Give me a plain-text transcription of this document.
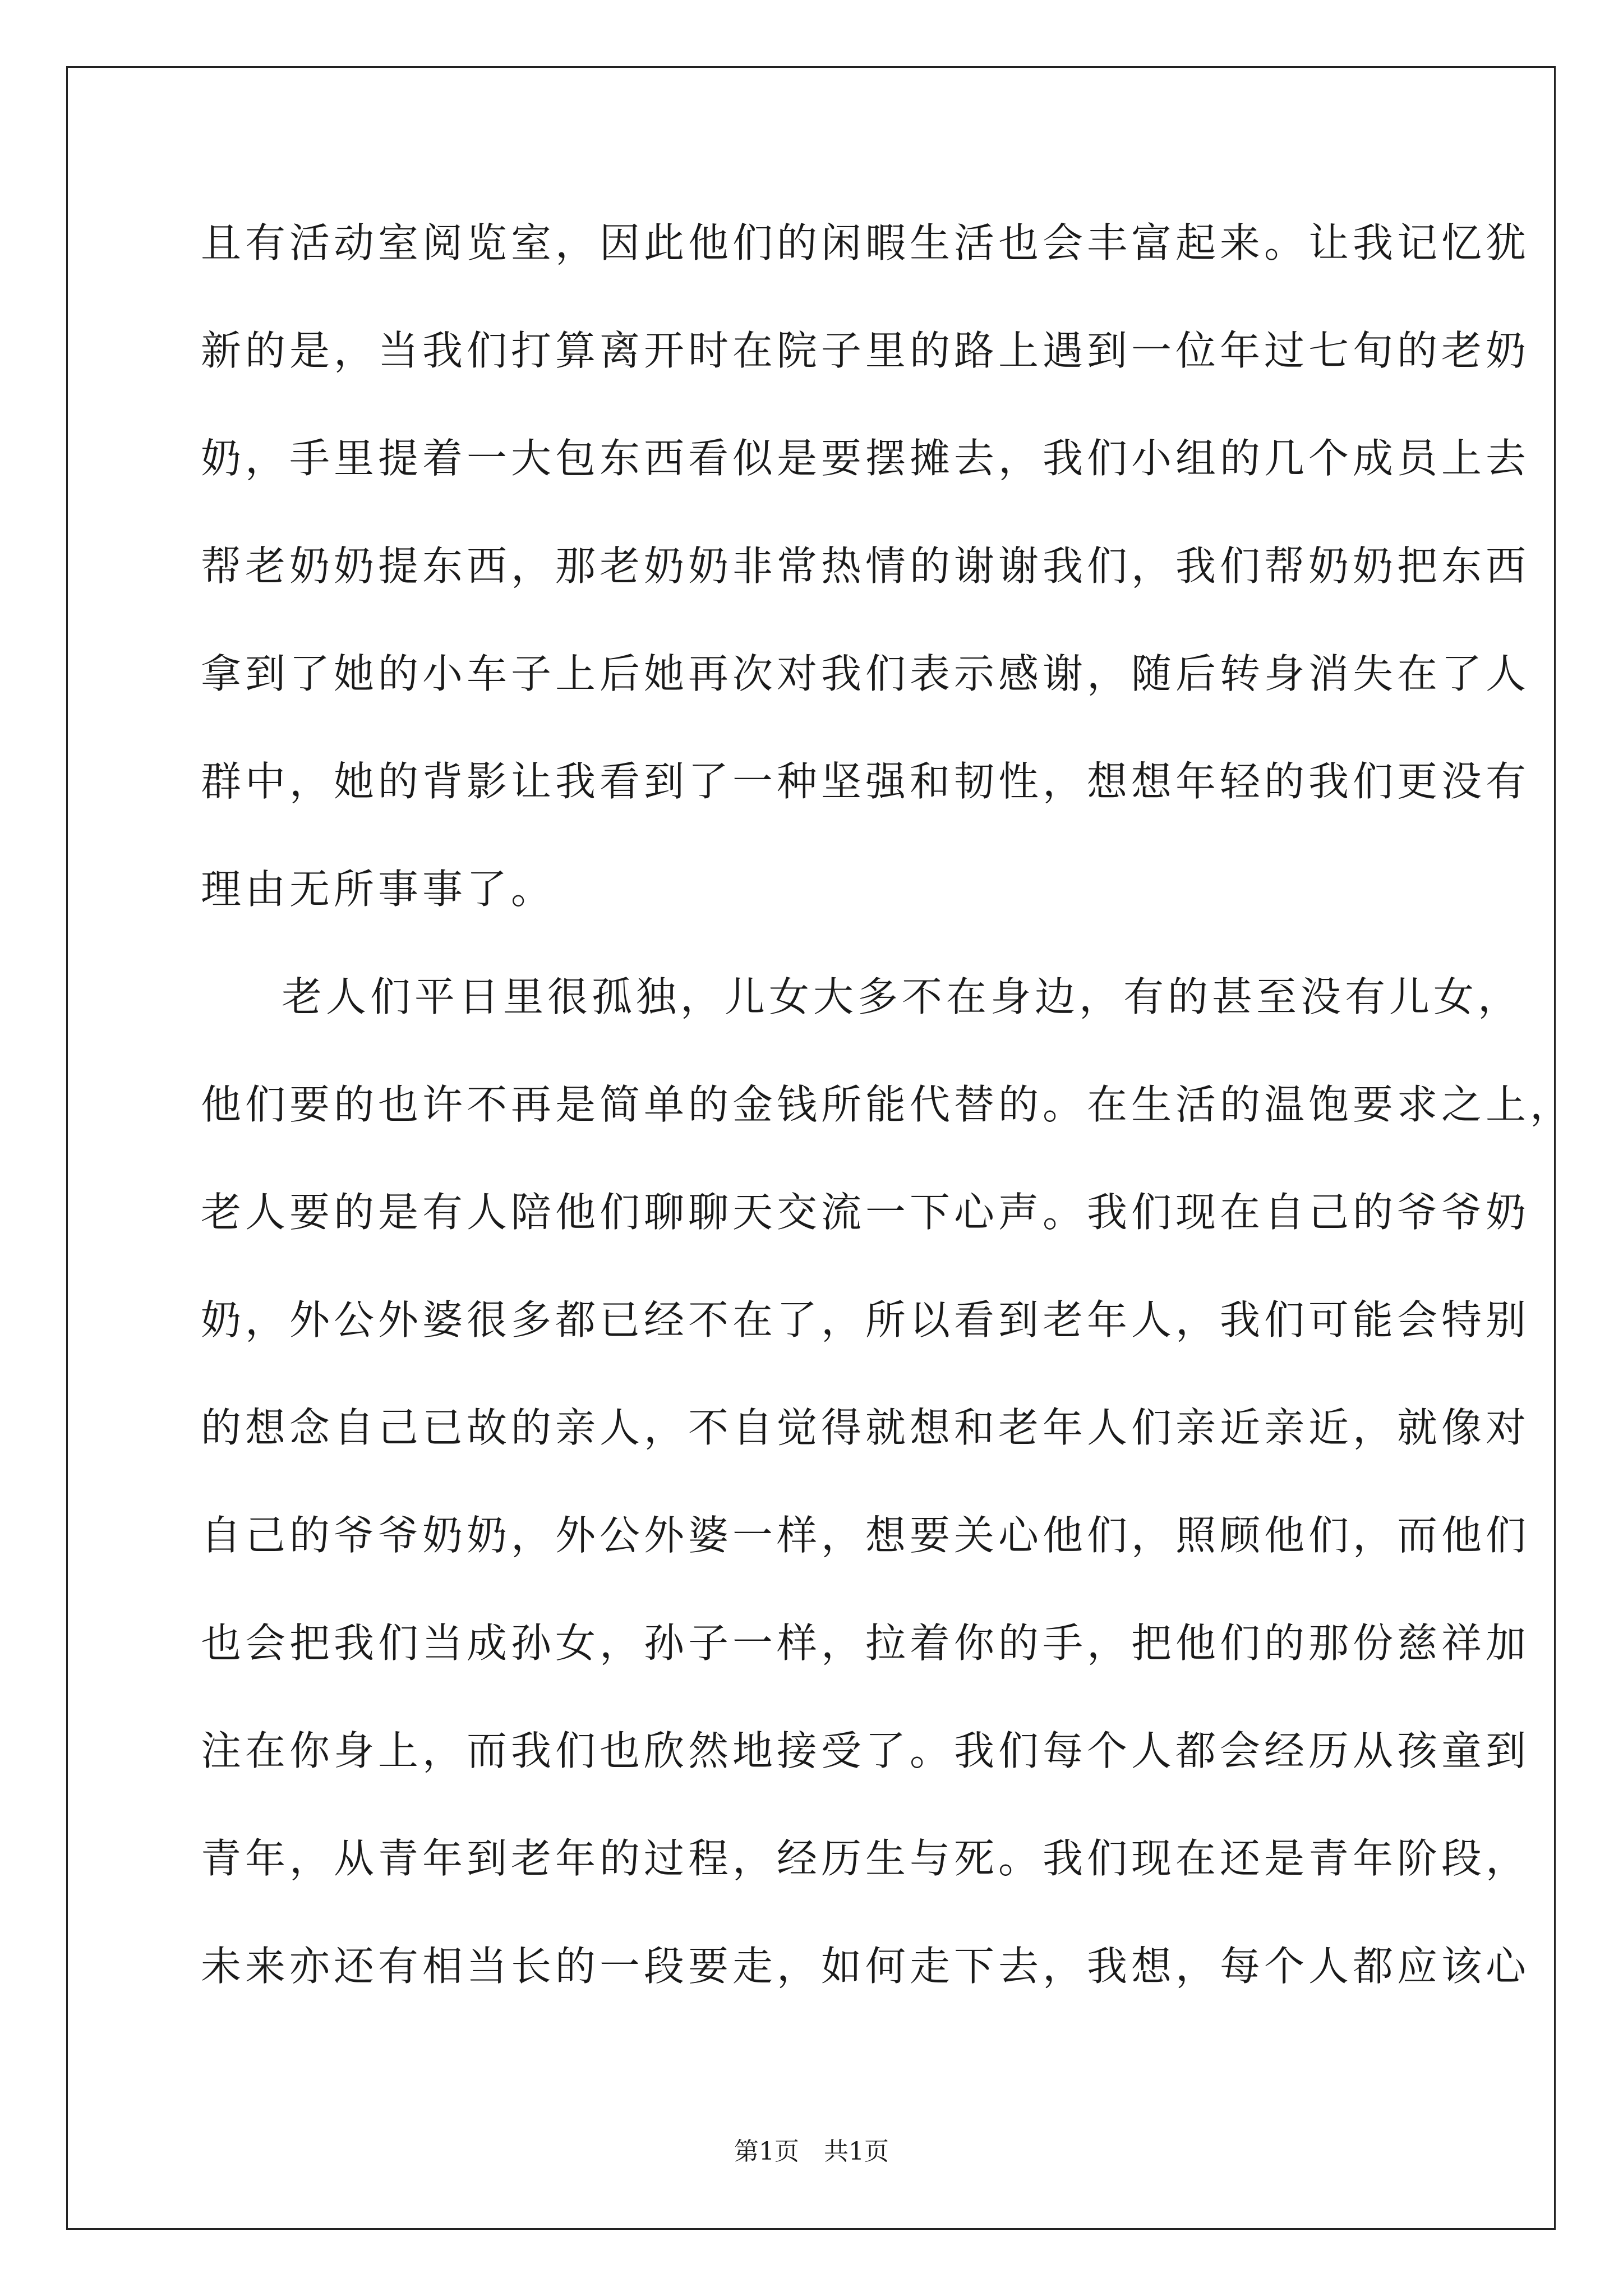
且有活动室阅览室，因此他们的闲暇生活也会丰富起来。让我记忆犹
新的是，当我们打算离开时在院子里的路上遇到一位年过七旬的老奶
奶，手里提着一大包东西看似是要摆摊去，我们小组的几个成员上去
帮老奶奶提东西，那老奶奶非常热情的谢谢我们，我们帮奶奶把东西
拿到了她的小车子上后她再次对我们表示感谢，随后转身消失在了人
群中，她的背影让我看到了一种坚强和韧性，想想年轻的我们更没有
理由无所事事了。
老人们平日里很孤独，儿女大多不在身边，有的甚至没有儿女，
他们要的也许不再是简单的金钱所能代替的。在生活的温饱要求之上，
老人要的是有人陪他们聊聊天交流一下心声。我们现在自己的爷爷奶
奶，外公外婆很多都已经不在了，所以看到老年人，我们可能会特别
的想念自己已故的亲人，不自觉得就想和老年人们亲近亲近，就像对
自己的爷爷奶奶，外公外婆一样，想要关心他们，照顾他们，而他们
也会把我们当成孙女，孙子一样，拉着你的手，把他们的那份慈祥加
注在你身上，而我们也欣然地接受了。我们每个人都会经历从孩童到
青年，从青年到老年的过程，经历生与死。我们现在还是青年阶段，
未来亦还有相当长的一段要走，如何走下去，我想，每个人都应该心
第1页　共1页
